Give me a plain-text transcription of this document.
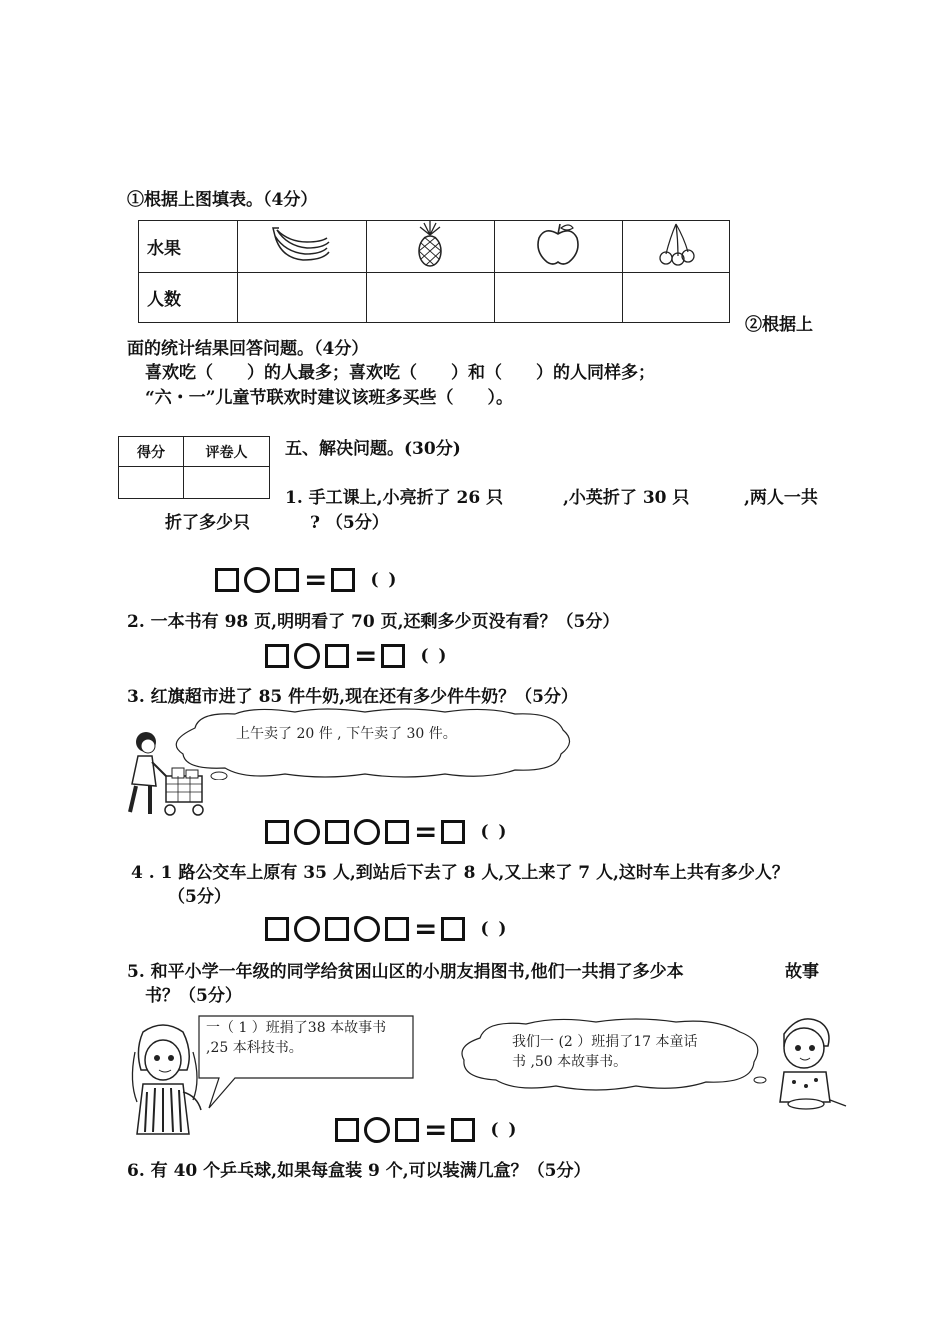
①根据上图填表。（4分）
水果				
人数				
②根据上
面的统计结果回答问题。（4分）
喜欢吃（　　）的人最多；喜欢吃（　　）和（　　）的人同样多；
“六・一”儿童节联欢时建议该班多买些（　　）。
得分	评卷人
	五、解决问题。(30分)
1. 手工课上,小亮折了 26 只	,小英折了 30 只	,两人一共
折了多少只	? （5分）
=	( )
2. 一本书有 98 页,明明看了 70 页,还剩多少页没有看？（5分）
=	( )
3. 红旗超市进了 85 件牛奶,现在还有多少件牛奶？（5分）
上午卖了 20 件 , 下午卖了 30 件。
=	( )
4 . 1 路公交车上原有 35 人,到站后下去了 8 人,又上来了 7 人,这时车上共有多少人？
（5分）
=	( )
5. 和平小学一年级的同学给贫困山区的小朋友捐图书,他们一共捐了多少本	故事
书？（5分）
一（ 1 ）班捐了38 本故事书 ,25 本科技书。	我们一 (2 ）班捐了17 本童话书 ,50 本故事书。
=	( )
6. 有 40 个乒乓球,如果每盒装 9 个,可以装满几盒？（5分）
